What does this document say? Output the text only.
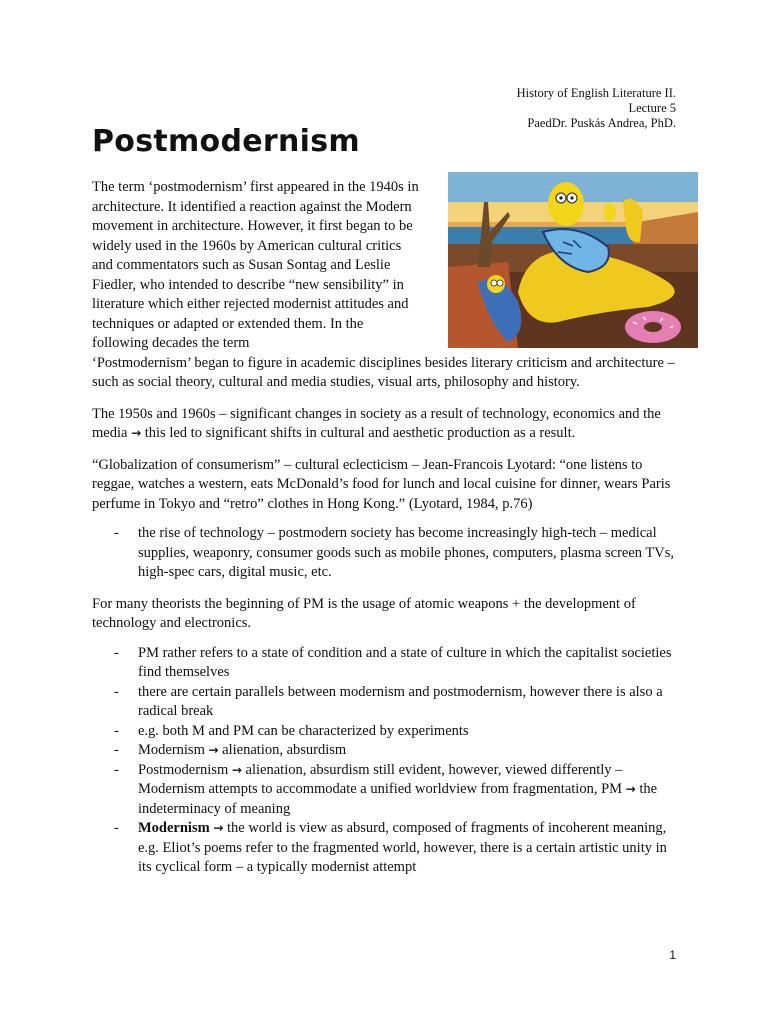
History of English Literature II.
Lecture 5
PaedDr. Puskás Andrea, PhD.
Postmodernism

The term ‘postmodernism’ first appeared in the 1940s in architecture. It identified a reaction against the Modern movement in architecture. However, it first began to be widely used in the 1960s by American cultural critics and commentators such as Susan Sontag and Leslie Fiedler, who intended to describe “new sensibility” in literature which either rejected modernist attitudes and techniques or adapted or extended them. In the following decades the term

‘Postmodernism’ began to figure in academic disciplines besides literary criticism and architecture – such as social theory, cultural and media studies, visual arts, philosophy and history.

The 1950s and 1960s – significant changes in society as a result of technology, economics and the media → this led to significant shifts in cultural and aesthetic production as a result.

“Globalization of consumerism” – cultural eclecticism – Jean-Francois Lyotard: “one listens to reggae, watches a western, eats McDonald’s food for lunch and local cuisine for dinner, wears Paris perfume in Tokyo and “retro” clothes in Hong Kong.” (Lyotard, 1984, p.76)

- the rise of technology – postmodern society has become increasingly high-tech – medical supplies, weaponry, consumer goods such as mobile phones, computers, plasma screen TVs, high-spec cars, digital music, etc.

For many theorists the beginning of PM is the usage of atomic weapons + the development of technology and electronics.

- PM rather refers to a state of condition and a state of culture in which the capitalist societies find themselves
- there are certain parallels between modernism and postmodernism, however there is also a radical break
- e.g. both M and PM can be characterized by experiments
- Modernism → alienation, absurdism
- Postmodernism → alienation, absurdism still evident, however, viewed differently – Modernism attempts to accommodate a unified worldview from fragmentation, PM → the indeterminacy of meaning
- Modernism → the world is view as absurd, composed of fragments of incoherent meaning, e.g. Eliot’s poems refer to the fragmented world, however, there is a certain artistic unity in its cyclical form – a typically modernist attempt
1
